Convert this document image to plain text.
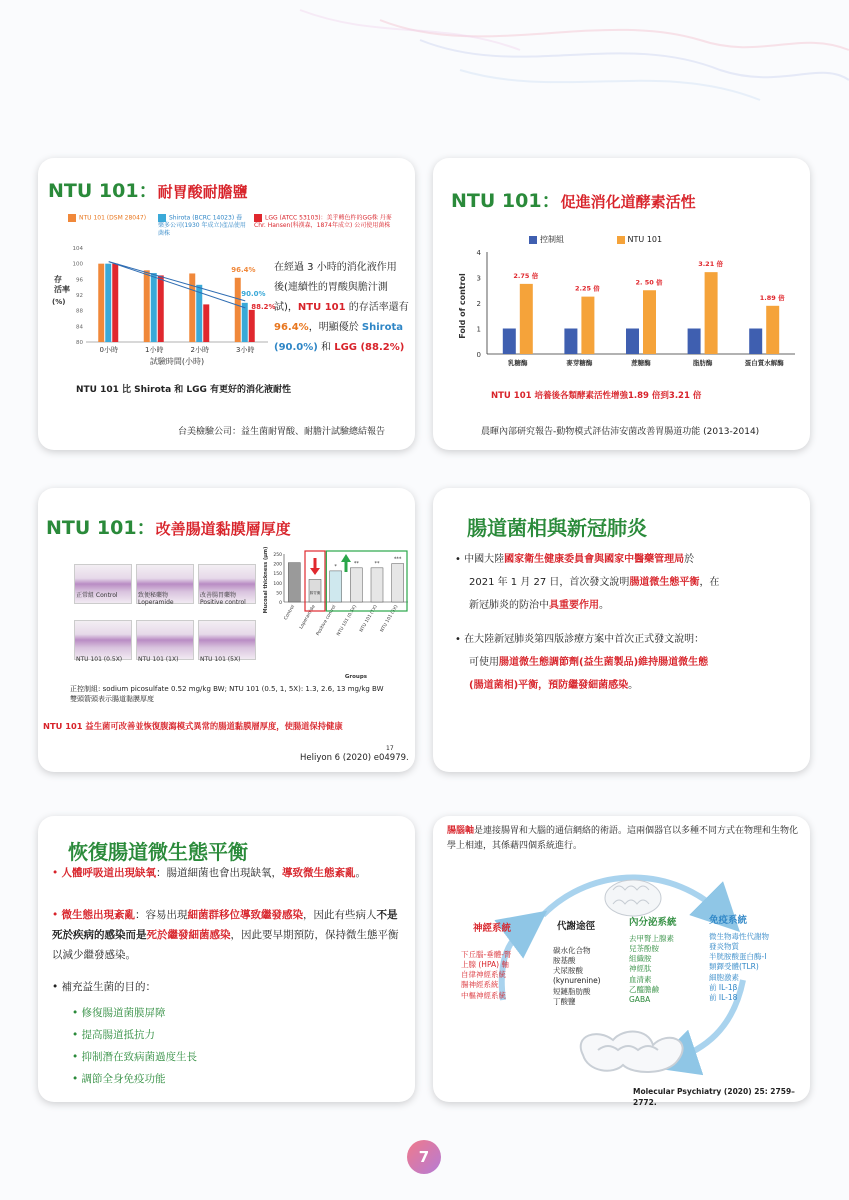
NTU 101：耐胃酸耐膽鹽
NTU 101 (DSM 28047)	Shirota (BCRC 14023) 養樂多公司(1930 年成立)產品使用菌株
LGG (ATCC 53103)：美乎轉色杵的GG株 丹麥 Chr. Hansen(科漢森，1874年成立) 公司使用菌株
80
84
88
92
96
100
104
存
活率
(%)
0小時	1小時	2小時	3小時
96.4%
90.0%
88.2%
試驗時間(小時)
在經過 3 小時的消化液作用
後(連續性的胃酸與膽汁測
試)，NTU 101 的存活率還有
96.4%，明顯優於 Shirota
(90.0%) 和 LGG (88.2%)
NTU 101 比 Shirota 和 LGG 有更好的消化液耐性
台美檢驗公司：益生菌耐胃酸、耐膽汁試驗總結報告
NTU 101：促進消化道酵素活性
控制組	NTU 101
0
1
2
3
4
Fold of control	2.75 倍
乳糖酶
2.25 倍
麥芽糖酶
2. 50 倍
蔗糖酶
3.21 倍
脂肪酶
1.89 倍
蛋白質水解酶
NTU 101 培養後各類酵素活性增強1.89 倍到3.21 倍
晨暉內部研究報告-動物模式評估沛安菌改善胃腸道功能 (2013-2014)
NTU 101：改善腸道黏膜層厚度
正常組 Control	致便秘藥物 Loperamide
改善腸胃藥物 Positive control
NTU 101 (0.5X)	NTU 101 (1X)	NTU 101 (5X)
0
50
100
150
200
250
Mucosal thickness (μm)	Control Loperamide Positive control NTU 101 (0.5X) NTU 101 (1X) NTU 101 (5X)
腸胃藥
*
**	**
***
Groups
正控制組: sodium picosulfate 0.52 mg/kg BW; NTU 101 (0.5, 1, 5X): 1.3, 2.6, 13 mg/kg BW
雙頭箭頭表示腸道黏膜厚度
NTU 101 益生菌可改善並恢復腹瀉模式異常的腸道黏膜層厚度，使腸道保持健康
17
Heliyon 6 (2020) e04979.
腸道菌相與新冠肺炎
• 中國大陸國家衛生健康委員會與國家中醫藥管理局於
2021 年 1 月 27 日，首次發文說明腸道微生態平衡，在
新冠肺炎的防治中具重要作用。
• 在大陸新冠肺炎第四版診療方案中首次正式發文說明：
可使用腸道微生態調節劑(益生菌製品)維持腸道微生態
(腸道菌相)平衡，預防繼發細菌感染。
恢復腸道微生態平衡
• 人體呼吸道出現缺氧：腸道細菌也會出現缺氧，導致微生態紊亂。
• 微生態出現紊亂：容易出現細菌群移位導致繼發感染，因此有些病人不是死於疾病的感染而是死於繼發細菌感染，因此要早期預防，保持微生態平衡以減少繼發感染。
• 補充益生菌的目的：
• 修復腸道菌膜屏障
• 提高腸道抵抗力
• 抑制潛在致病菌過度生長
• 調節全身免疫功能
腸腦軸是連接腸胃和大腦的通信網絡的術語。這兩個器官以多種不同方式在物理和生物化學上相連，其係藉四個系統進行。
神經系統
下丘腦-垂體-腎
上腺 (HPA) 軸
自律神經系統
腸神經系統
中樞神經系統
代謝途徑
碳水化合物
胺基酸
犬尿胺酸
(kynurenine)
短鏈脂肪酸
丁酸鹽
內分泌系統
去甲腎上腺素
兒茶酚胺
組織胺
神經肽
血清素
乙醯膽鹼
GABA
免疫系統
微生物毒性代謝物
發炎物質
半胱胺酸蛋白酶-I
類鐸受體(TLR)
細胞激素
前 IL-1β
前 IL-18
Molecular Psychiatry (2020) 25: 2759–2772.
7
